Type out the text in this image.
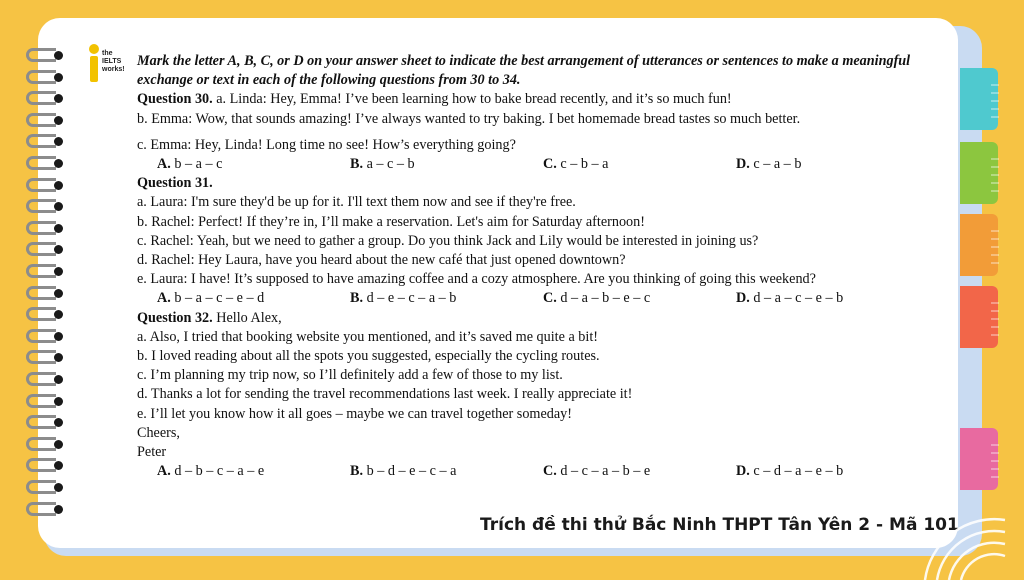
the IELTS works!

Mark the letter A, B, C, or D on your answer sheet to indicate the best arrangement of utterances or sentences to make a meaningful exchange or text in each of the following questions from 30 to 34.

Question 30. a. Linda: Hey, Emma! I’ve been learning how to bake bread recently, and it’s so much fun!

b. Emma: Wow, that sounds amazing! I’ve always wanted to try baking. I bet homemade bread tastes so much better.

c. Emma: Hey, Linda! Long time no see! How’s everything going?

A. b – a – c	B. a – c – b	C. c – b – a	D. c – a – b

Question 31.

a. Laura: I'm sure they'd be up for it. I'll text them now and see if they're free.

b. Rachel: Perfect! If they’re in, I’ll make a reservation. Let's aim for Saturday afternoon!

c. Rachel: Yeah, but we need to gather a group. Do you think Jack and Lily would be interested in joining us?

d. Rachel: Hey Laura, have you heard about the new café that just opened downtown?

e. Laura: I have! It’s supposed to have amazing coffee and a cozy atmosphere. Are you thinking of going this weekend?

A. b – a – c – e – d	B. d – e – c – a – b	C. d – a – b – e – c	D. d – a – c – e – b

Question 32. Hello Alex,

a. Also, I tried that booking website you mentioned, and it’s saved me quite a bit!

b. I loved reading about all the spots you suggested, especially the cycling routes.

c. I’m planning my trip now, so I’ll definitely add a few of those to my list.

d. Thanks a lot for sending the travel recommendations last week. I really appreciate it!

e. I’ll let you know how it all goes – maybe we can travel together someday!

Cheers,

Peter

A. d – b – c – a – e	B. b – d – e – c – a	C. d – c – a – b – e	D. c – d – a – e – b
Trích đề thi thử Bắc Ninh THPT Tân Yên 2 - Mã 101
